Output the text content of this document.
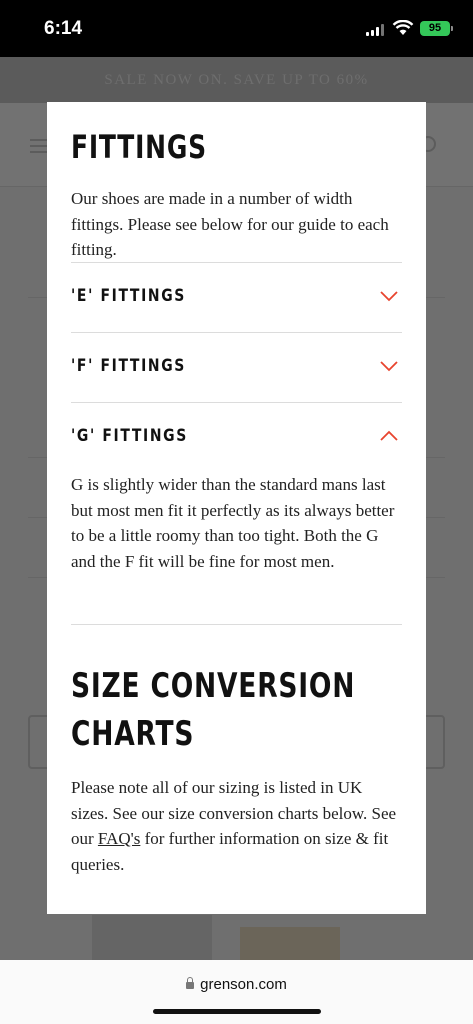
6:14	95
SALE NOW ON. SAVE UP TO 60%
FITTINGS

Our shoes are made in a number of width fittings. Please see below for our guide to each fitting.

'E' FITTINGS
'F' FITTINGS
'G' FITTINGS

G is slightly wider than the standard mans last but most men fit it perfectly as its always better to be a little roomy than too tight. Both the G and the F fit will be fine for most men.

SIZE CONVERSION CHARTS

Please note all of our sizing is listed in UK sizes. See our size conversion charts below. See our FAQ's for further information on size & fit queries.

grenson.com
